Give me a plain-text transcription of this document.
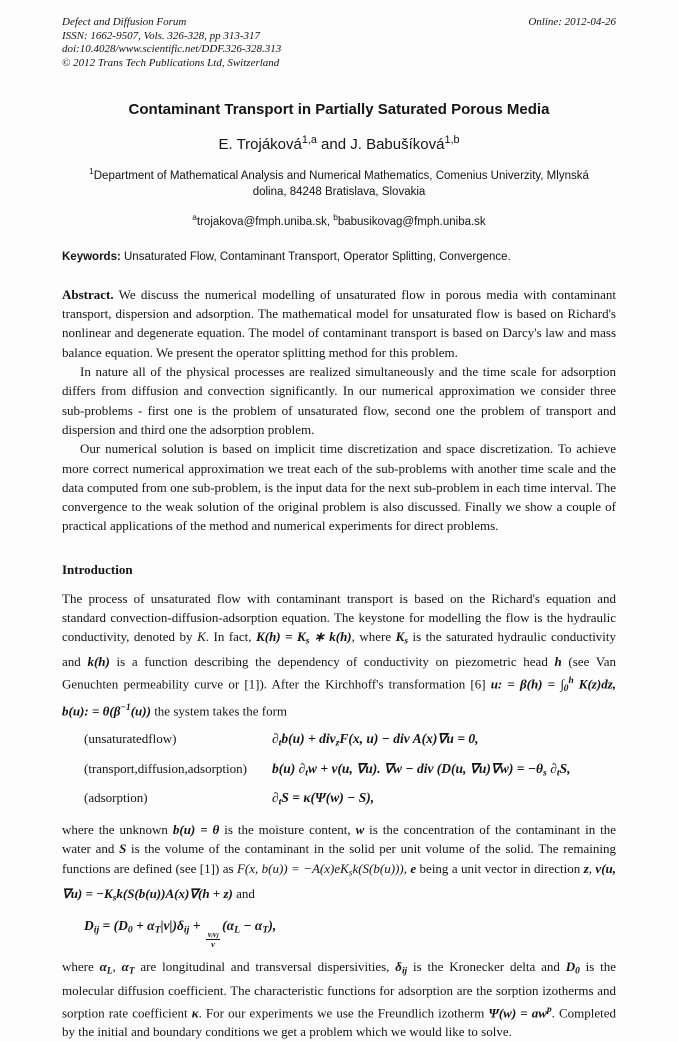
Defect and Diffusion Forum
ISSN: 1662-9507, Vols. 326-328, pp 313-317
doi:10.4028/www.scientific.net/DDF.326-328.313
© 2012 Trans Tech Publications Ltd, Switzerland
Online: 2012-04-26
Contaminant Transport in Partially Saturated Porous Media
E. Trojáková$^{1,a}$ and J. Babušíková$^{1,b}$
$^1$Department of Mathematical Analysis and Numerical Mathematics, Comenius Univerzity, Mlynská dolina, 84248 Bratislava, Slovakia
$^a$trojakova@fmph.uniba.sk, $^b$babusikovag@fmph.uniba.sk
Keywords: Unsaturated Flow, Contaminant Transport, Operator Splitting, Convergence.
Abstract. We discuss the numerical modelling of unsaturated flow in porous media with contaminant transport, dispersion and adsorption. The mathematical model for unsaturated flow is based on Richard's nonlinear and degenerate equation. The model of contaminant transport is based on Darcy's law and mass balance equation. We present the operator splitting method for this problem.
In nature all of the physical processes are realized simultaneously and the time scale for adsorption differs from diffusion and convection significantly. In our numerical approximation we consider three sub-problems - first one is the problem of unsaturated flow, second one the problem of transport and dispersion and third one the adsorption problem.
Our numerical solution is based on implicit time discretization and space discretization. To achieve more correct numerical approximation we treat each of the sub-problems with another time scale and the data computed from one sub-problem, is the input data for the next sub-problem in each time interval. The convergence to the weak solution of the original problem is also discussed. Finally we show a couple of practical applications of the method and numerical experiments for direct problems.
Introduction
The process of unsaturated flow with contaminant transport is based on the Richard's equation and standard convection-diffusion-adsorption equation. The keystone for modelling the flow is the hydraulic conductivity, denoted by K. In fact, $K(h) = K_s$ ∗ k(h), where $K_s$ is the saturated hydraulic conductivity and k(h) is a function describing the dependency of conductivity on piezometric head h (see Van Genuchten permeability curve or [1]). After the Kirchhoff's transformation [6] u: = $\beta(h) = \int_0^h$ K(z)dz, b(u): = $\theta(\beta^{-1}(u))$ the system takes the form
(unsaturatedflow)	$\partial_tb(u) + div_zF(x$, u) − div A(x)∇u = 0,
(transport,diffusion,adsorption)	b(u) $\partial_tw + v(u$, ∇u). ∇w − div (D(u, $\nabla u)\nabla w) = -\theta_s$ $\partial_tS$,
(adsorption)	$\partial_tS = \kappa(\Psi(w) - S)$,
where the unknown b(u) = θ is the moisture content, w is the concentration of the contaminant in the water and S is the volume of the contaminant in the solid per unit volume of the solid. The remaining functions are defined (see [1]) as F(x, $b(u)) = -A(x)eK_sk(S(b(u)))$, e being a unit vector in direction z, v(u, $\nabla u) = -K_sk(S(b(u))A(x)\nabla(h + z)$ and
$D_{ij} = (D_0 + \alpha_T|v|)\delta_{ij}$ +
$\frac{\text{vᵢvⱼ}}{v}$
$(\alpha_L - \alpha_T)$,
where $\alpha_L$, $\alpha_T$ are longitudinal and transversal dispersivities, $\delta_{ij}$ is the Kronecker delta and $D_0$ is the molecular diffusion coefficient. The characteristic functions for adsorption are the sorption izotherms and sorption rate coefficient κ. For our experiments we use the Freundlich izotherm $\Psi(w) = aw^p$. Completed by the initial and boundary conditions we get a problem which we would like to solve.
